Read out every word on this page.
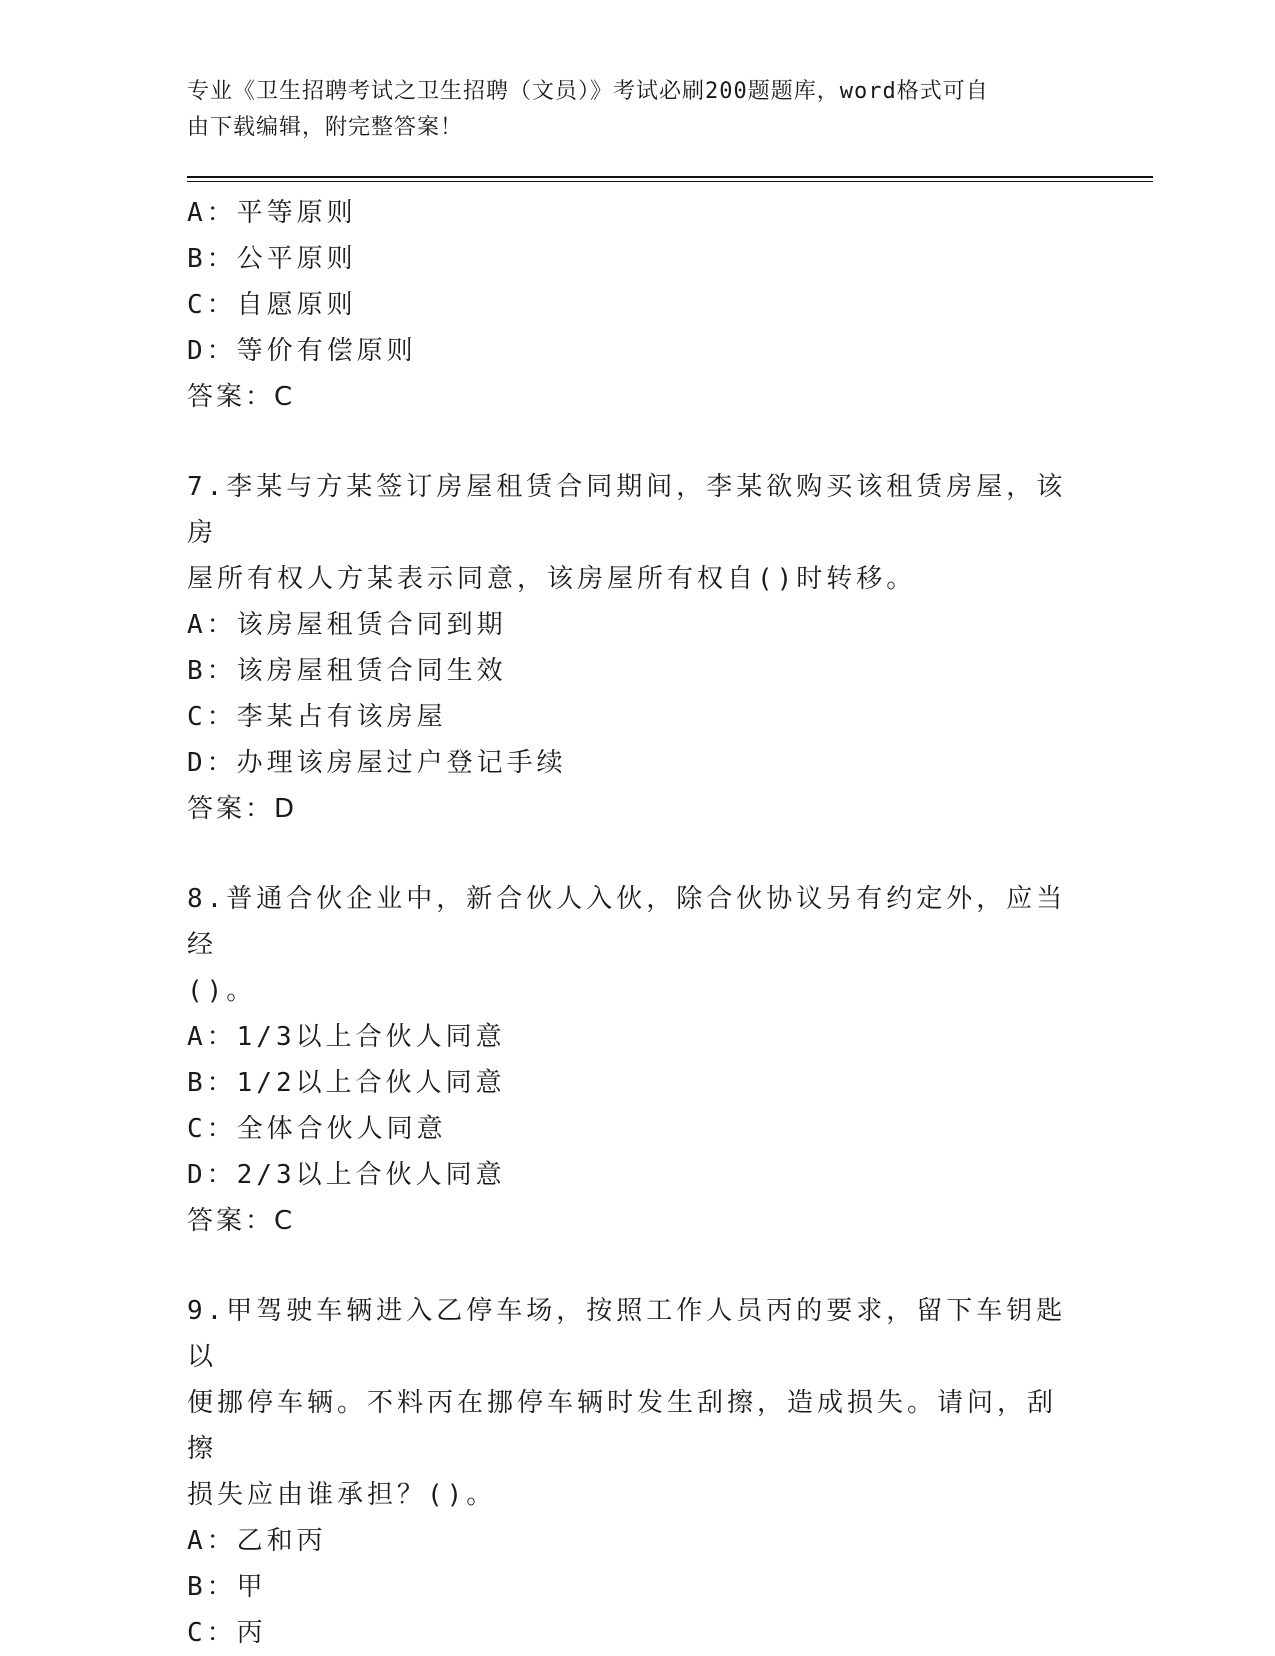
专业《卫生招聘考试之卫生招聘（文员）》考试必刷200题题库，word格式可自
由下载编辑，附完整答案！
A：平等原则
B：公平原则
C：自愿原则
D：等价有偿原则
答案：C
7.李某与方某签订房屋租赁合同期间，李某欲购买该租赁房屋，该房
屋所有权人方某表示同意，该房屋所有权自()时转移。
A：该房屋租赁合同到期
B：该房屋租赁合同生效
C：李某占有该房屋
D：办理该房屋过户登记手续
答案：D
8.普通合伙企业中，新合伙人入伙，除合伙协议另有约定外，应当经
()。
A：1/3以上合伙人同意
B：1/2以上合伙人同意
C：全体合伙人同意
D：2/3以上合伙人同意
答案：C
9.甲驾驶车辆进入乙停车场，按照工作人员丙的要求，留下车钥匙以
便挪停车辆。不料丙在挪停车辆时发生刮擦，造成损失。请问，刮擦
损失应由谁承担？()。
A：乙和丙
B：甲
C：丙
